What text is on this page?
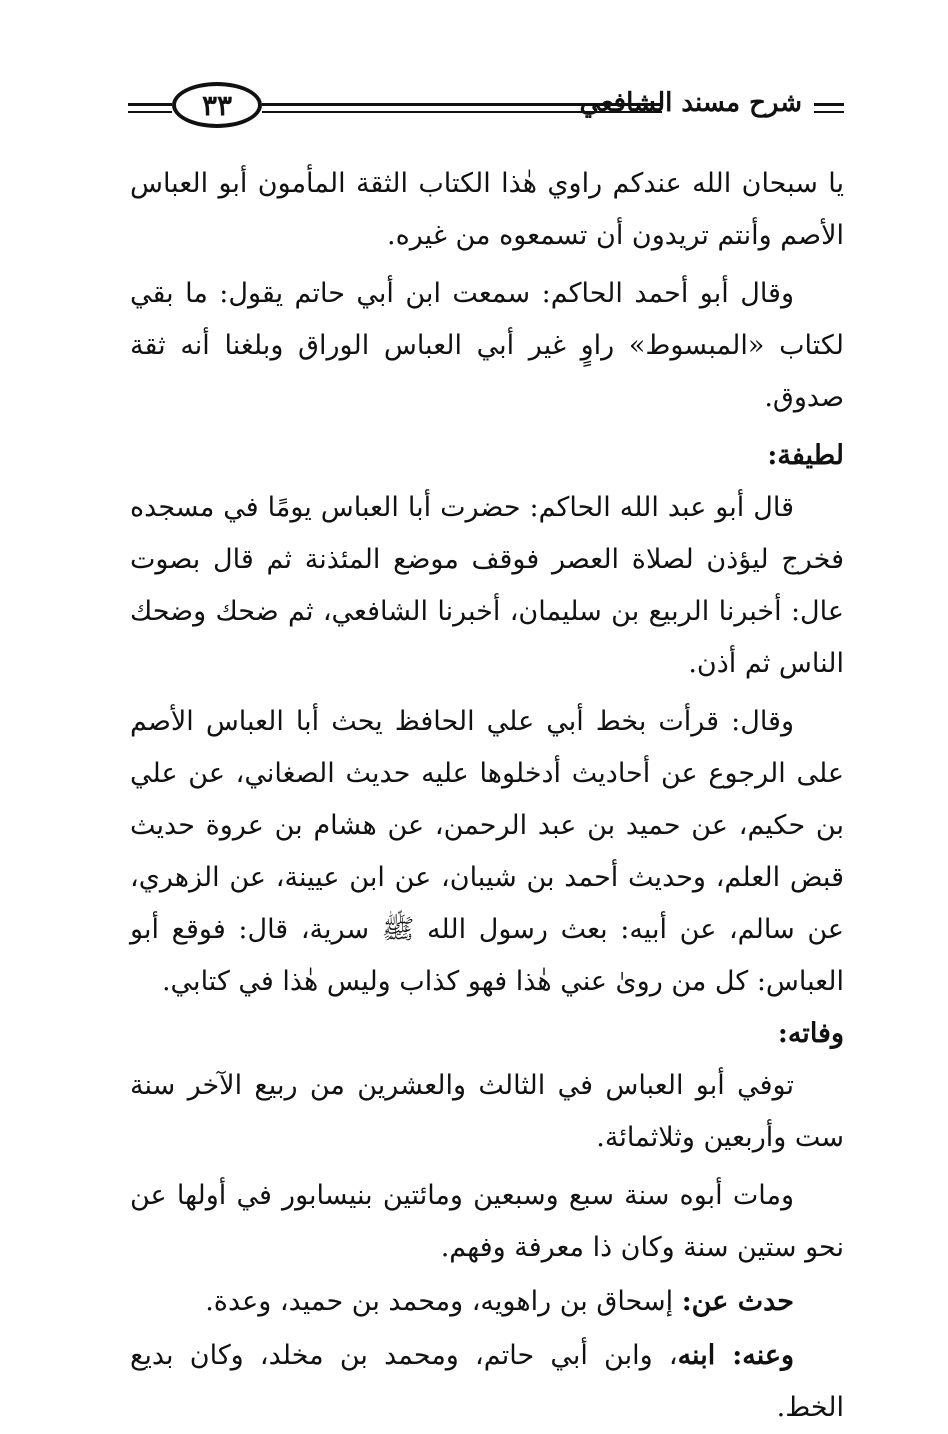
شرح مسند الشافعي
٣٣

يا سبحان الله عندكم راوي هٰذا الكتاب الثقة المأمون أبو العباس الأصم وأنتم تريدون أن تسمعوه من غيره.

وقال أبو أحمد الحاكم: سمعت ابن أبي حاتم يقول: ما بقي لكتاب «المبسوط» راوٍ غير أبي العباس الوراق وبلغنا أنه ثقة صدوق.

لطيفة:

قال أبو عبد الله الحاكم: حضرت أبا العباس يومًا في مسجده فخرج ليؤذن لصلاة العصر فوقف موضع المئذنة ثم قال بصوت عال: أخبرنا الربيع بن سليمان، أخبرنا الشافعي، ثم ضحك وضحك الناس ثم أذن.

وقال: قرأت بخط أبي علي الحافظ يحث أبا العباس الأصم على الرجوع عن أحاديث أدخلوها عليه حديث الصغاني، عن علي بن حكيم، عن حميد بن عبد الرحمن، عن هشام بن عروة حديث قبض العلم، وحديث أحمد بن شيبان، عن ابن عيينة، عن الزهري، عن سالم، عن أبيه: بعث رسول الله ﷺ سرية، قال: فوقع أبو العباس: كل من روىٰ عني هٰذا فهو كذاب وليس هٰذا في كتابي.

وفاته:

توفي أبو العباس في الثالث والعشرين من ربيع الآخر سنة ست وأربعين وثلاثمائة.

ومات أبوه سنة سبع وسبعين ومائتين بنيسابور في أولها عن نحو ستين سنة وكان ذا معرفة وفهم.

حدث عن: إسحاق بن راهويه، ومحمد بن حميد، وعدة.

وعنه: ابنه، وابن أبي حاتم، ومحمد بن مخلد، وكان بديع الخط.
